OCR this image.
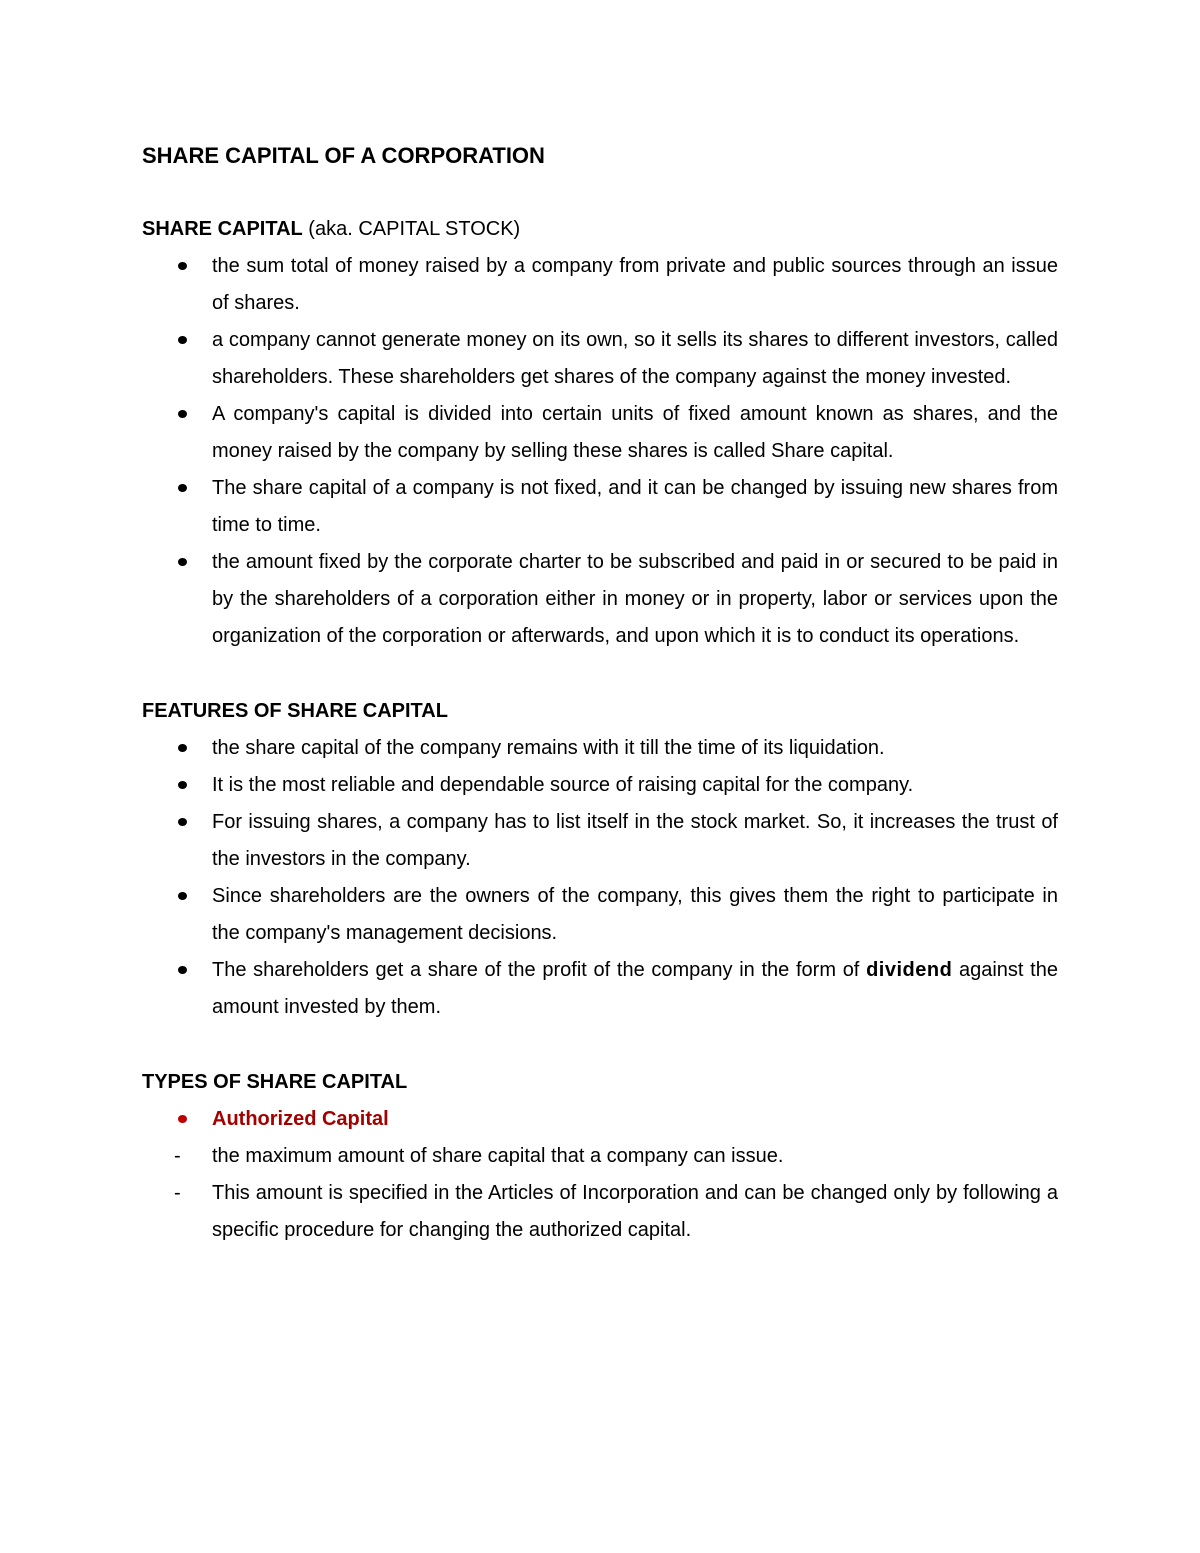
SHARE CAPITAL OF A CORPORATION

SHARE CAPITAL (aka. CAPITAL STOCK)

the sum total of money raised by a company from private and public sources through an issue of shares.
a company cannot generate money on its own, so it sells its shares to different investors, called shareholders. These shareholders get shares of the company against the money invested.
A company's capital is divided into certain units of fixed amount known as shares, and the money raised by the company by selling these shares is called Share capital.
The share capital of a company is not fixed, and it can be changed by issuing new shares from time to time.
the amount fixed by the corporate charter to be subscribed and paid in or secured to be paid in by the shareholders of a corporation either in money or in property, labor or services upon the organization of the corporation or afterwards, and upon which it is to conduct its operations.

FEATURES OF SHARE CAPITAL

the share capital of the company remains with it till the time of its liquidation.
It is the most reliable and dependable source of raising capital for the company.
For issuing shares, a company has to list itself in the stock market. So, it increases the trust of the investors in the company.
Since shareholders are the owners of the company, this gives them the right to participate in the company's management decisions.
The shareholders get a share of the profit of the company in the form of dividend against the amount invested by them.

TYPES OF SHARE CAPITAL

Authorized Capital
- the maximum amount of share capital that a company can issue.
- This amount is specified in the Articles of Incorporation and can be changed only by following a specific procedure for changing the authorized capital.
